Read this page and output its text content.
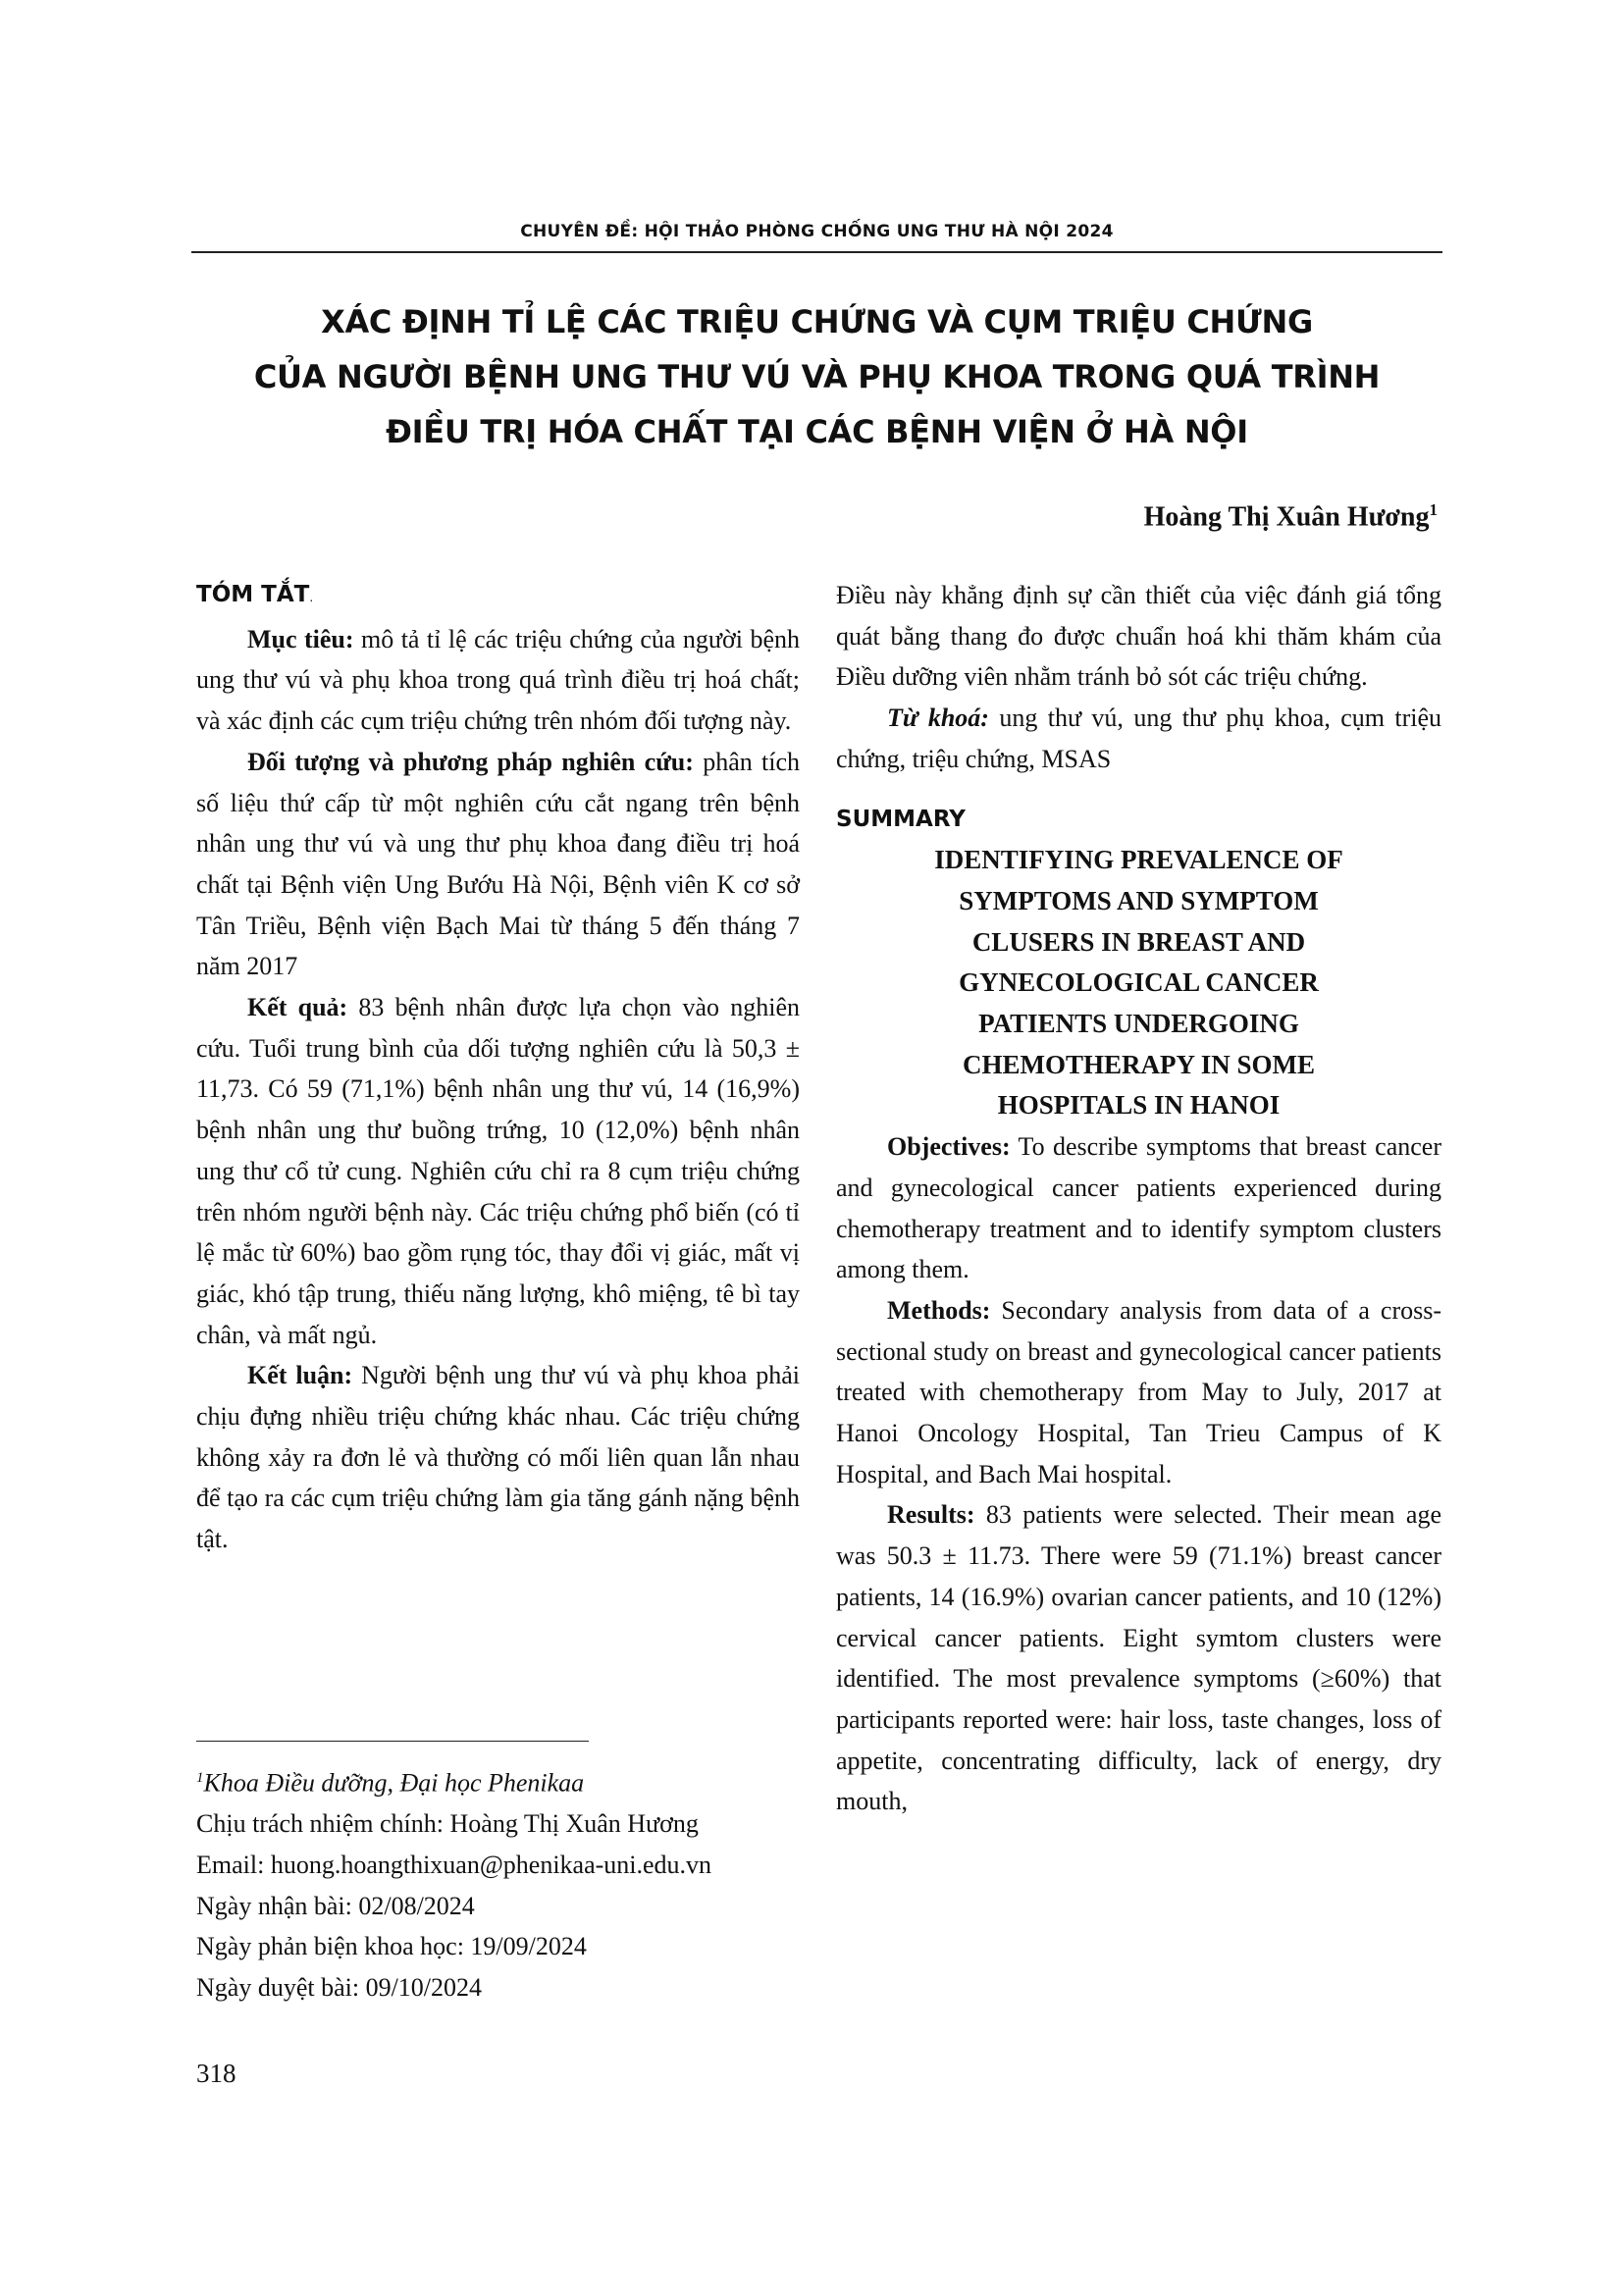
CHUYÊN ĐỀ: HỘI THẢO PHÒNG CHỐNG UNG THƯ HÀ NỘI 2024
XÁC ĐỊNH TỈ LỆ CÁC TRIỆU CHỨNG VÀ CỤM TRIỆU CHỨNG
CỦA NGƯỜI BỆNH UNG THƯ VÚ VÀ PHỤ KHOA TRONG QUÁ TRÌNH
ĐIỀU TRỊ HÓA CHẤT TẠI CÁC BỆNH VIỆN Ở HÀ NỘI
Hoàng Thị Xuân Hương$^1$

TÓM TẮT.

Mục tiêu: mô tả tỉ lệ các triệu chứng của người bệnh ung thư vú và phụ khoa trong quá trình điều trị hoá chất; và xác định các cụm triệu chứng trên nhóm đối tượng này.

Đối tượng và phương pháp nghiên cứu: phân tích số liệu thứ cấp từ một nghiên cứu cắt ngang trên bệnh nhân ung thư vú và ung thư phụ khoa đang điều trị hoá chất tại Bệnh viện Ung Bướu Hà Nội, Bệnh viên K cơ sở Tân Triều, Bệnh viện Bạch Mai từ tháng 5 đến tháng 7 năm 2017

Kết quả: 83 bệnh nhân được lựa chọn vào nghiên cứu. Tuổi trung bình của dối tượng nghiên cứu là 50,3 ± 11,73. Có 59 (71,1%) bệnh nhân ung thư vú, 14 (16,9%) bệnh nhân ung thư buồng trứng, 10 (12,0%) bệnh nhân ung thư cổ tử cung. Nghiên cứu chỉ ra 8 cụm triệu chứng trên nhóm người bệnh này. Các triệu chứng phổ biến (có tỉ lệ mắc từ 60%) bao gồm rụng tóc, thay đổi vị giác, mất vị giác, khó tập trung, thiếu năng lượng, khô miệng, tê bì tay chân, và mất ngủ.

Kết luận: Người bệnh ung thư vú và phụ khoa phải chịu đựng nhiều triệu chứng khác nhau. Các triệu chứng không xảy ra đơn lẻ và thường có mối liên quan lẫn nhau để tạo ra các cụm triệu chứng làm gia tăng gánh nặng bệnh tật.

Điều này khẳng định sự cần thiết của việc đánh giá tổng quát bằng thang đo được chuẩn hoá khi thăm khám của Điều dưỡng viên nhằm tránh bỏ sót các triệu chứng.

Từ khoá: ung thư vú, ung thư phụ khoa, cụm triệu chứng, triệu chứng, MSAS

SUMMARY

IDENTIFYING PREVALENCE OF
SYMPTOMS AND SYMPTOM
CLUSERS IN BREAST AND
GYNECOLOGICAL CANCER
PATIENTS UNDERGOING
CHEMOTHERAPY IN SOME
HOSPITALS IN HANOI

Objectives: To describe symptoms that breast cancer and gynecological cancer patients experienced during chemotherapy treatment and to identify symptom clusters among them.

Methods: Secondary analysis from data of a cross-sectional study on breast and gynecological cancer patients treated with chemotherapy from May to July, 2017 at Hanoi Oncology Hospital, Tan Trieu Campus of K Hospital, and Bach Mai hospital.

Results: 83 patients were selected. Their mean age was 50.3 ± 11.73. There were 59 (71.1%) breast cancer patients, 14 (16.9%) ovarian cancer patients, and 10 (12%) cervical cancer patients. Eight symtom clusters were identified. The most prevalence symptoms (≥60%) that participants reported were: hair loss, taste changes, loss of appetite, concentrating difficulty, lack of energy, dry mouth,

$^1$Khoa Điều dưỡng, Đại học Phenikaa

Chịu trách nhiệm chính: Hoàng Thị Xuân Hương

Email: huong.hoangthixuan@phenikaa-uni.edu.vn

Ngày nhận bài: 02/08/2024

Ngày phản biện khoa học: 19/09/2024

Ngày duyệt bài: 09/10/2024

318
